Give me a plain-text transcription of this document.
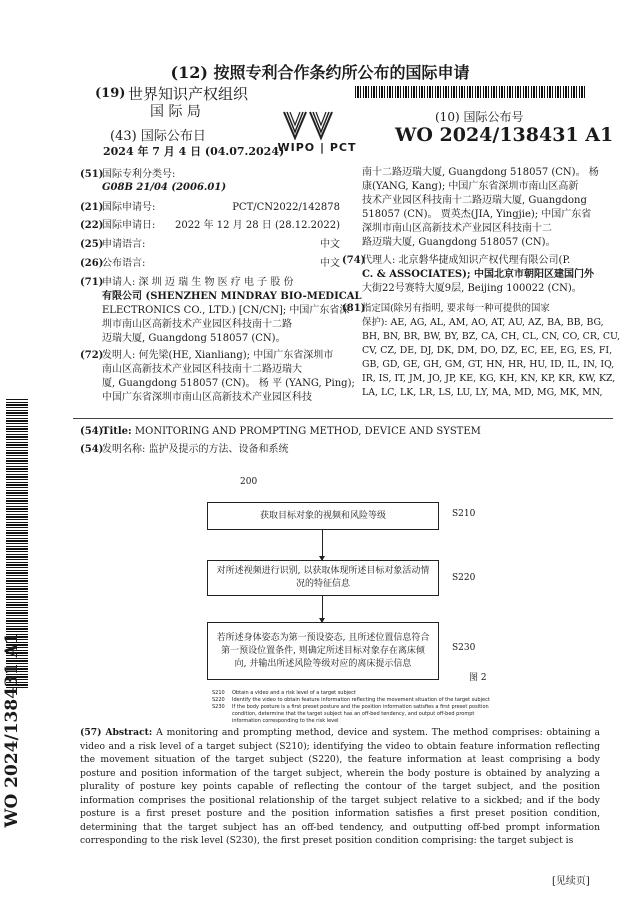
(12) 按照专利合作条约所公布的国际申请
(19) 世界知识产权组织
国 际 局
(43) 国际公布日
2024 年 7 月 4 日 (04.07.2024)
WIPO | PCT
(10) 国际公布号
WO 2024/138431 A1
(51)国际专利分类号:
G08B 21/04 (2006.01)
(21)国际申请号:	PCT/CN2022/142878
(22)国际申请日: 2022 年 12 月 28 日 (28.12.2022)
(25)申请语言:	中文
(26)公布语言:	中文
(71)
申请人: 深 圳 迈 瑞 生 物 医 疗 电 子 股 份
有限公司 (SHENZHEN MINDRAY BIO-MEDICAL
ELECTRONICS CO., LTD.) [CN/CN]; 中国广东省深
圳市南山区高新技术产业园区科技南十二路
迈瑞大厦, Guangdong 518057 (CN)。
(72)
发明人: 何先梁(HE, Xianliang); 中国广东省深圳市
南山区高新技术产业园区科技南十二路迈瑞大
厦, Guangdong 518057 (CN)。 杨 平 (YANG, Ping);
中国广东省深圳市南山区高新技术产业园区科技
南十二路迈瑞大厦, Guangdong 518057 (CN)。 杨
康(YANG, Kang); 中国广东省深圳市南山区高新
技术产业园区科技南十二路迈瑞大厦, Guangdong
518057 (CN)。 贾英杰(JIA, Yingjie); 中国广东省
深圳市南山区高新技术产业园区科技南十二
路迈瑞大厦, Guangdong 518057 (CN)。
(74)
代理人: 北京磐华捷成知识产权代理有限公司(P.
C. & ASSOCIATES); 中国北京市朝阳区建国门外
大街22号赛特大厦9层, Beijing 100022 (CN)。
(81)
指定国(除另有指明, 要求每一种可提供的国家
保护): AE, AG, AL, AM, AO, AT, AU, AZ, BA, BB, BG,
BH, BN, BR, BW, BY, BZ, CA, CH, CL, CN, CO, CR, CU,
CV, CZ, DE, DJ, DK, DM, DO, DZ, EC, EE, EG, ES, FI,
GB, GD, GE, GH, GM, GT, HN, HR, HU, ID, IL, IN, IQ,
IR, IS, IT, JM, JO, JP, KE, KG, KH, KN, KP, KR, KW, KZ,
LA, LC, LK, LR, LS, LU, LY, MA, MD, MG, MK, MN,
(54)Title: MONITORING AND PROMPTING METHOD, DEVICE AND SYSTEM
(54)发明名称: 监护及提示的方法、设备和系统
200
获取目标对象的视频和风险等级	S210
对所述视频进行识别, 以获取体现所述目标对象活动情况的特征信息
S220
若所述身体姿态为第一预设姿态, 且所述位置信息符合第一预设位置条件, 则确定所述目标对象存在离床倾向, 并输出所述风险等级对应的离床提示信息
S230
图 2
S210 Obtain a video and a risk level of a target subject
S220 Identify the video to obtain feature information reflecting the movement situation of the target subject
S230 If the body posture is a first preset posture and the position information satisfies a first preset position
condition, determine that the target subject has an off-bed tendency, and output off-bed prompt
information corresponding to the risk level
(57) Abstract: A monitoring and prompting method, device and system. The method comprises: obtaining a video and a risk level of a target subject (S210); identifying the video to obtain feature information reflecting the movement situation of the target subject (S220), the feature information at least comprising a body posture and position information of the target subject, wherein the body posture is obtained by analyzing a plurality of posture key points capable of reflecting the contour of the target subject, and the position information comprises the positional relationship of the target subject relative to a sickbed; and if the body posture is a first preset posture and the position information satisfies a first preset position condition, determining that the target subject has an off-bed tendency, and outputting off-bed prompt information corresponding to the risk level (S230), the first preset position condition comprising: the target subject is
WO 2024/138431 A1
[见续页]
